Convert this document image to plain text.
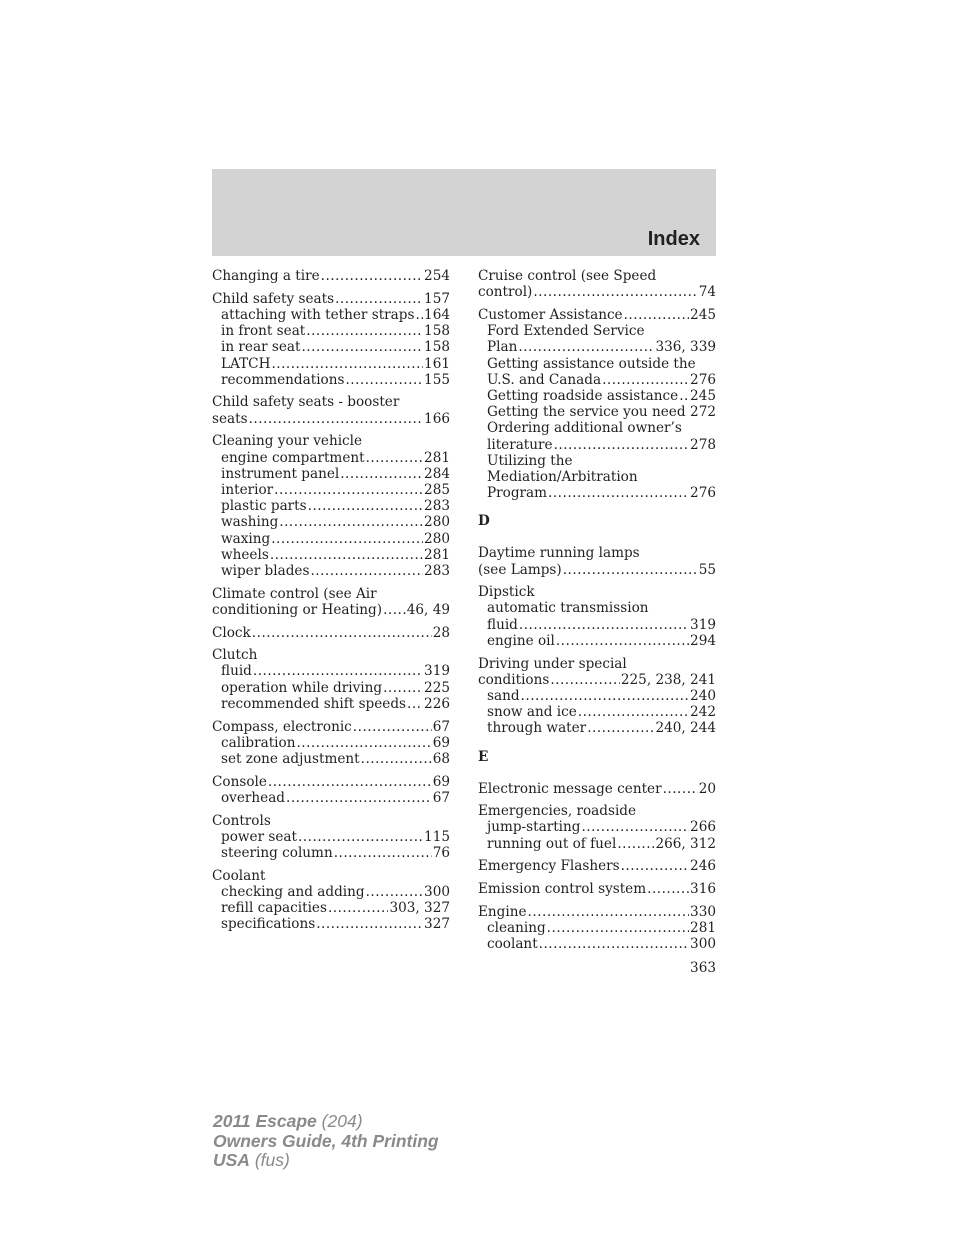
Index
Changing a tire .....	254
Child safety seats .....	157
attaching with tether straps ..... 164
in front seat .....	158
in rear seat .....	158
LATCH .....	161
recommendations .....	155
Child safety seats - booster
seats .....	166
Cleaning your vehicle
engine compartment .....	281
instrument panel .....	284
interior .....	285
plastic parts .....	283
washing .....	280
waxing .....	280
wheels .....	281
wiper blades .....	283
Climate control (see Air
conditioning or Heating) ..... 46, 49
Clock .....	28
Clutch
fluid .....	319
operation while driving .....	225
recommended shift speeds ..... 226
Compass, electronic .....	67
calibration .....	69
set zone adjustment .....	68
Console .....	69
overhead .....	67
Controls
power seat .....	115
steering column .....	76
Coolant
checking and adding .....	300
refill capacities .....	303, 327
specifications .....	327
Cruise control (see Speed
control) .....	74
Customer Assistance .....	245
Ford Extended Service
Plan .....	336, 339
Getting assistance outside the
U.S. and Canada .....	276
Getting roadside assistance ..... 245
Getting the service you need 272
Ordering additional owner’s
literature .....	278
Utilizing the
Mediation/Arbitration
Program .....	276
D
Daytime running lamps
(see Lamps) .....	55
Dipstick
automatic transmission
fluid .....	319
engine oil .....	294
Driving under special
conditions .....	225, 238, 241
sand .....	240
snow and ice .....	242
through water .....	240, 244
E
Electronic message center .....	20
Emergencies, roadside
jump-starting .....	266
running out of fuel .....	266, 312
Emergency Flashers .....	246
Emission control system .....	316
Engine .....	330
cleaning .....	281
coolant .....	300
363
2011 Escape (204)
Owners Guide, 4th Printing
USA (fus)
